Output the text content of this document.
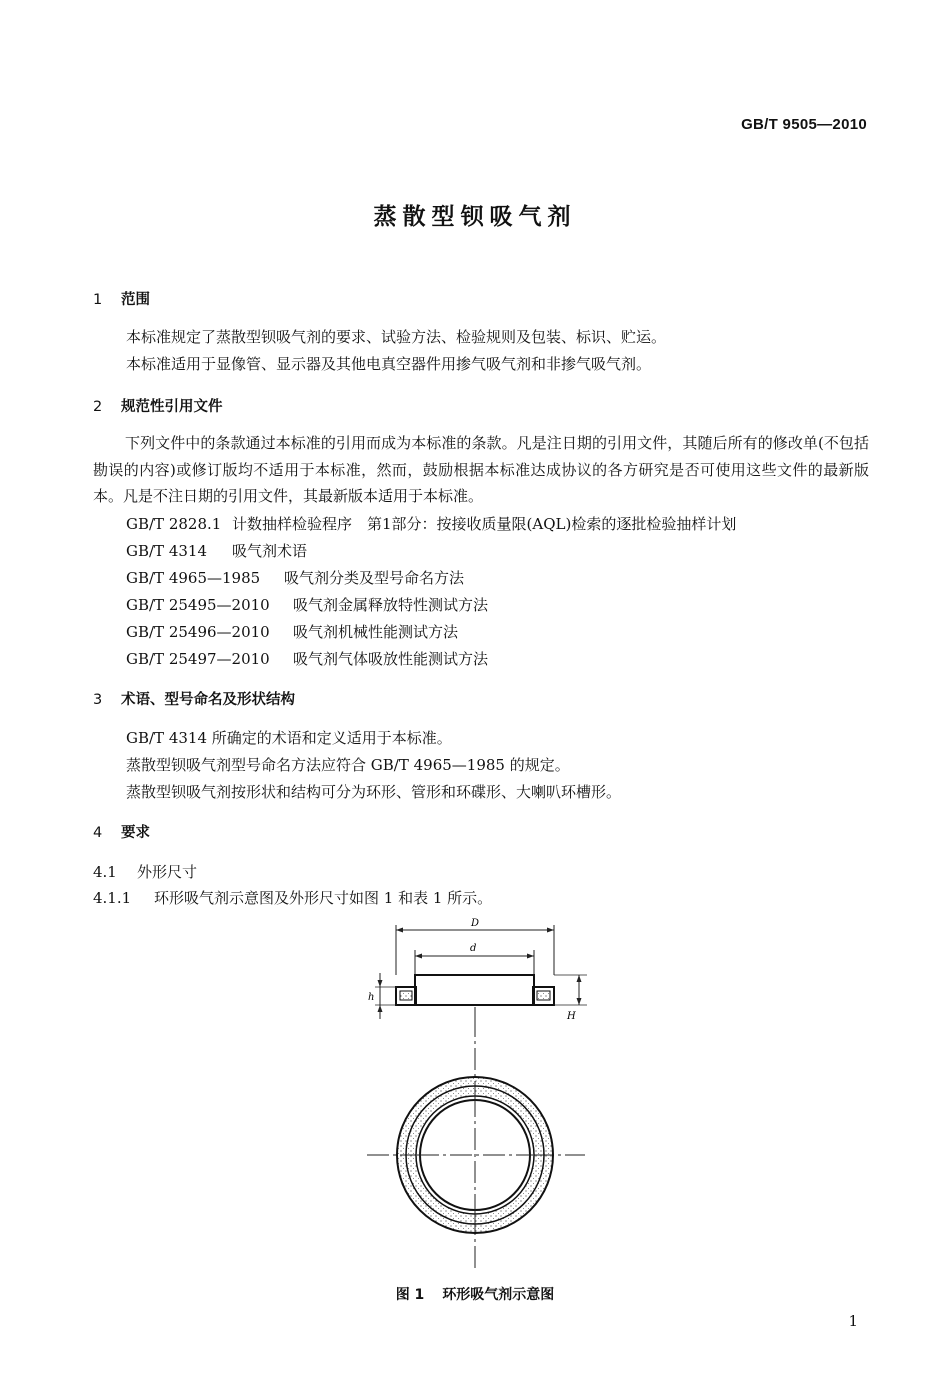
GB/T 9505—2010
蒸散型钡吸气剂
1 范围
本标准规定了蒸散型钡吸气剂的要求、试验方法、检验规则及包装、标识、贮运。
本标准适用于显像管、显示器及其他电真空器件用掺气吸气剂和非掺气吸气剂。
2 规范性引用文件
下列文件中的条款通过本标准的引用而成为本标准的条款。凡是注日期的引用文件，其随后所有的修改单(不包括勘误的内容)或修订版均不适用于本标准，然而，鼓励根据本标准达成协议的各方研究是否可使用这些文件的最新版本。凡是不注日期的引用文件，其最新版本适用于本标准。
GB/T 2828.1 计数抽样检验程序　第1部分：按接收质量限(AQL)检索的逐批检验抽样计划
GB/T 4314 吸气剂术语
GB/T 4965—1985 吸气剂分类及型号命名方法
GB/T 25495—2010 吸气剂金属释放特性测试方法
GB/T 25496—2010 吸气剂机械性能测试方法
GB/T 25497—2010 吸气剂气体吸放性能测试方法
3 术语、型号命名及形状结构
GB/T 4314 所确定的术语和定义适用于本标准。
蒸散型钡吸气剂型号命名方法应符合 GB/T 4965—1985 的规定。
蒸散型钡吸气剂按形状和结构可分为环形、管形和环碟形、大喇叭环槽形。
4 要求
4.1 外形尺寸
4.1.1 环形吸气剂示意图及外形尺寸如图 1 和表 1 所示。
D
d
h
H
图 1 环形吸气剂示意图
1
